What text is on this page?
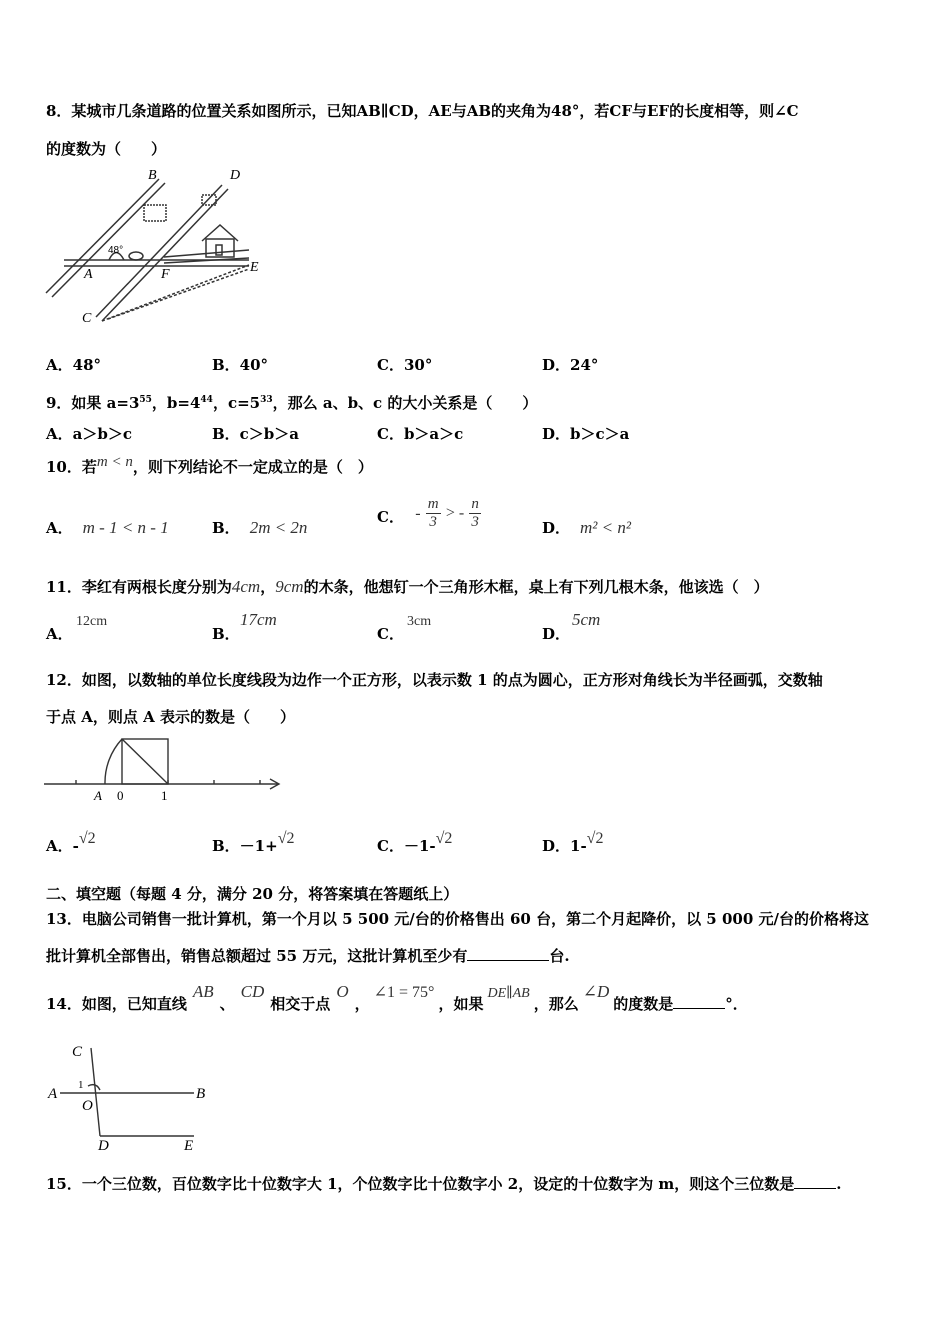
8．某城市几条道路的位置关系如图所示，已知AB∥CD，AE与AB的夹角为48°，若CF与EF的长度相等，则∠C
的度数为（　　）
B	D
A	F	E
C
48°
A．48°	B．40°	C．30°	D．24°
9．如果 $a=3^{55}$，$b=4^{44}$，$c=5^{33}$，那么 a、b、c 的大小关系是（　　）
A．a＞b＞c	B．c＞b＞a	C．b＞a＞c	D．b＞c＞a
10．若m < n，则下列结论不一定成立的是（　）
A． m - 1 < n - 1	B． 2m < 2n
C． - $\frac{m}{3}$ > - $\frac{n}{3}$	D． m² < n²
11．李红有两根长度分别为4cm，9cm的木条，他想钉一个三角形木框，桌上有下列几根木条，他该选（　）
A．
12cm
B．
17cm
C．
3cm
D．
5cm
12．如图，以数轴的单位长度线段为边作一个正方形，以表示数 1 的点为圆心，正方形对角线长为半径画弧，交数轴
于点 A，则点 A 表示的数是（　　）
A 0	1
A．-√2	B．－1+√2	C．－1-√2	D．1-√2
二、填空题（每题 4 分，满分 20 分，将答案填在答题纸上）
13．电脑公司销售一批计算机，第一个月以 5 500 元/台的价格售出 60 台，第二个月起降价，以 5 000 元/台的价格将这
批计算机全部售出，销售总额超过 55 万元，这批计算机至少有	台.
14．如图，已知直线AB、CD相交于点O，∠1 = 75°，如果DE∥AB，那么∠D的度数是	°．
C
A
O
B
D	E
1
15．一个三位数，百位数字比十位数字大 1，个位数字比十位数字小 2，设定的十位数字为 m，则这个三位数是	.
